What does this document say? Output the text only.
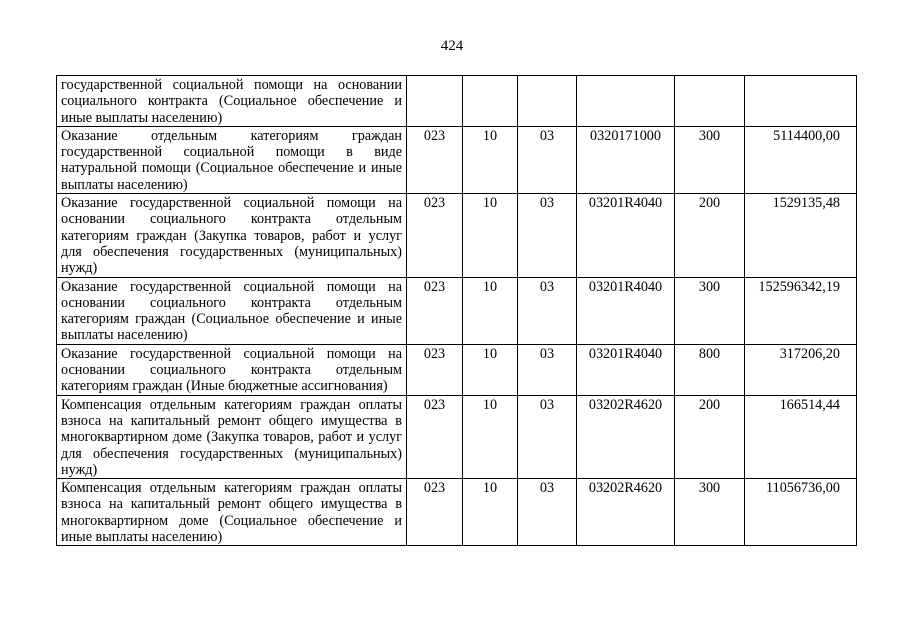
424
государственной социальной помощи на основании социального контракта (Социальное обеспечение и иные выплаты населению)						
Оказание отдельным категориям граждан государственной социальной помощи в виде натуральной помощи (Социальное обеспечение и иные выплаты населению)	023	10	03	0320171000	300	5114400,00
Оказание государственной социальной помощи на основании социального контракта отдельным категориям граждан (Закупка товаров, работ и услуг для обеспечения государственных (муниципальных) нужд)	023	10	03	03201R4040	200	1529135,48
Оказание государственной социальной помощи на основании социального контракта отдельным категориям граждан (Социальное обеспечение и иные выплаты населению)	023	10	03	03201R4040	300	152596342,19
Оказание государственной социальной помощи на основании социального контракта отдельным категориям граждан (Иные бюджетные ассигнования)	023	10	03	03201R4040	800	317206,20
Компенсация отдельным категориям граждан оплаты взноса на капитальный ремонт общего имущества в многоквартирном доме (Закупка товаров, работ и услуг для обеспечения государственных (муниципальных) нужд)	023	10	03	03202R4620	200	166514,44
Компенсация отдельным категориям граждан оплаты взноса на капитальный ремонт общего имущества в многоквартирном доме (Социальное обеспечение и иные выплаты населению)	023	10	03	03202R4620	300	11056736,00
